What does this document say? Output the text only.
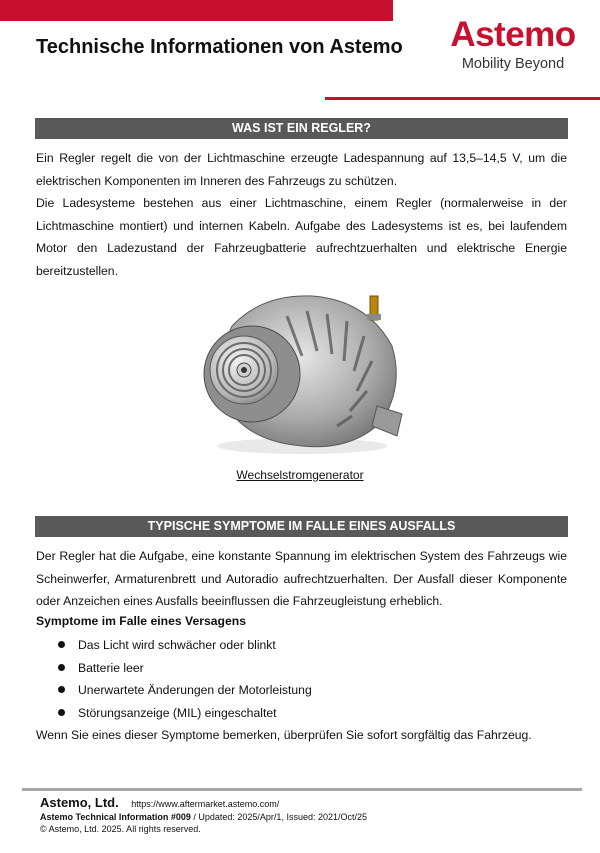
Technische Informationen von Astemo	Astemo
Mobility Beyond
WAS IST EIN REGLER?

Ein Regler regelt die von der Lichtmaschine erzeugte Ladespannung auf 13,5–14,5 V, um die elektrischen Komponenten im Inneren des Fahrzeugs zu schützen.

Die Ladesysteme bestehen aus einer Lichtmaschine, einem Regler (normalerweise in der Lichtmaschine montiert) und internen Kabeln. Aufgabe des Ladesystems ist es, bei laufendem Motor den Ladezustand der Fahrzeugbatterie aufrechtzuerhalten und elektrische Energie bereitzustellen.

Wechselstromgenerator
TYPISCHE SYMPTOME IM FALLE EINES AUSFALLS

Der Regler hat die Aufgabe, eine konstante Spannung im elektrischen System des Fahrzeugs wie Scheinwerfer, Armaturenbrett und Autoradio aufrechtzuerhalten. Der Ausfall dieser Komponente oder Anzeichen eines Ausfalls beeinflussen die Fahrzeugleistung erheblich.

Symptome im Falle eines Versagens
Das Licht wird schwächer oder blinkt
Batterie leer
Unerwartete Änderungen der Motorleistung
Störungsanzeige (MIL) eingeschaltet

Wenn Sie eines dieser Symptome bemerken, überprüfen Sie sofort sorgfältig das Fahrzeug.

Astemo, Ltd. https://www.aftermarket.astemo.com/
Astemo Technical Information #009 / Updated: 2025/Apr/1, Issued: 2021/Oct/25
© Astemo, Ltd. 2025. All rights reserved.
